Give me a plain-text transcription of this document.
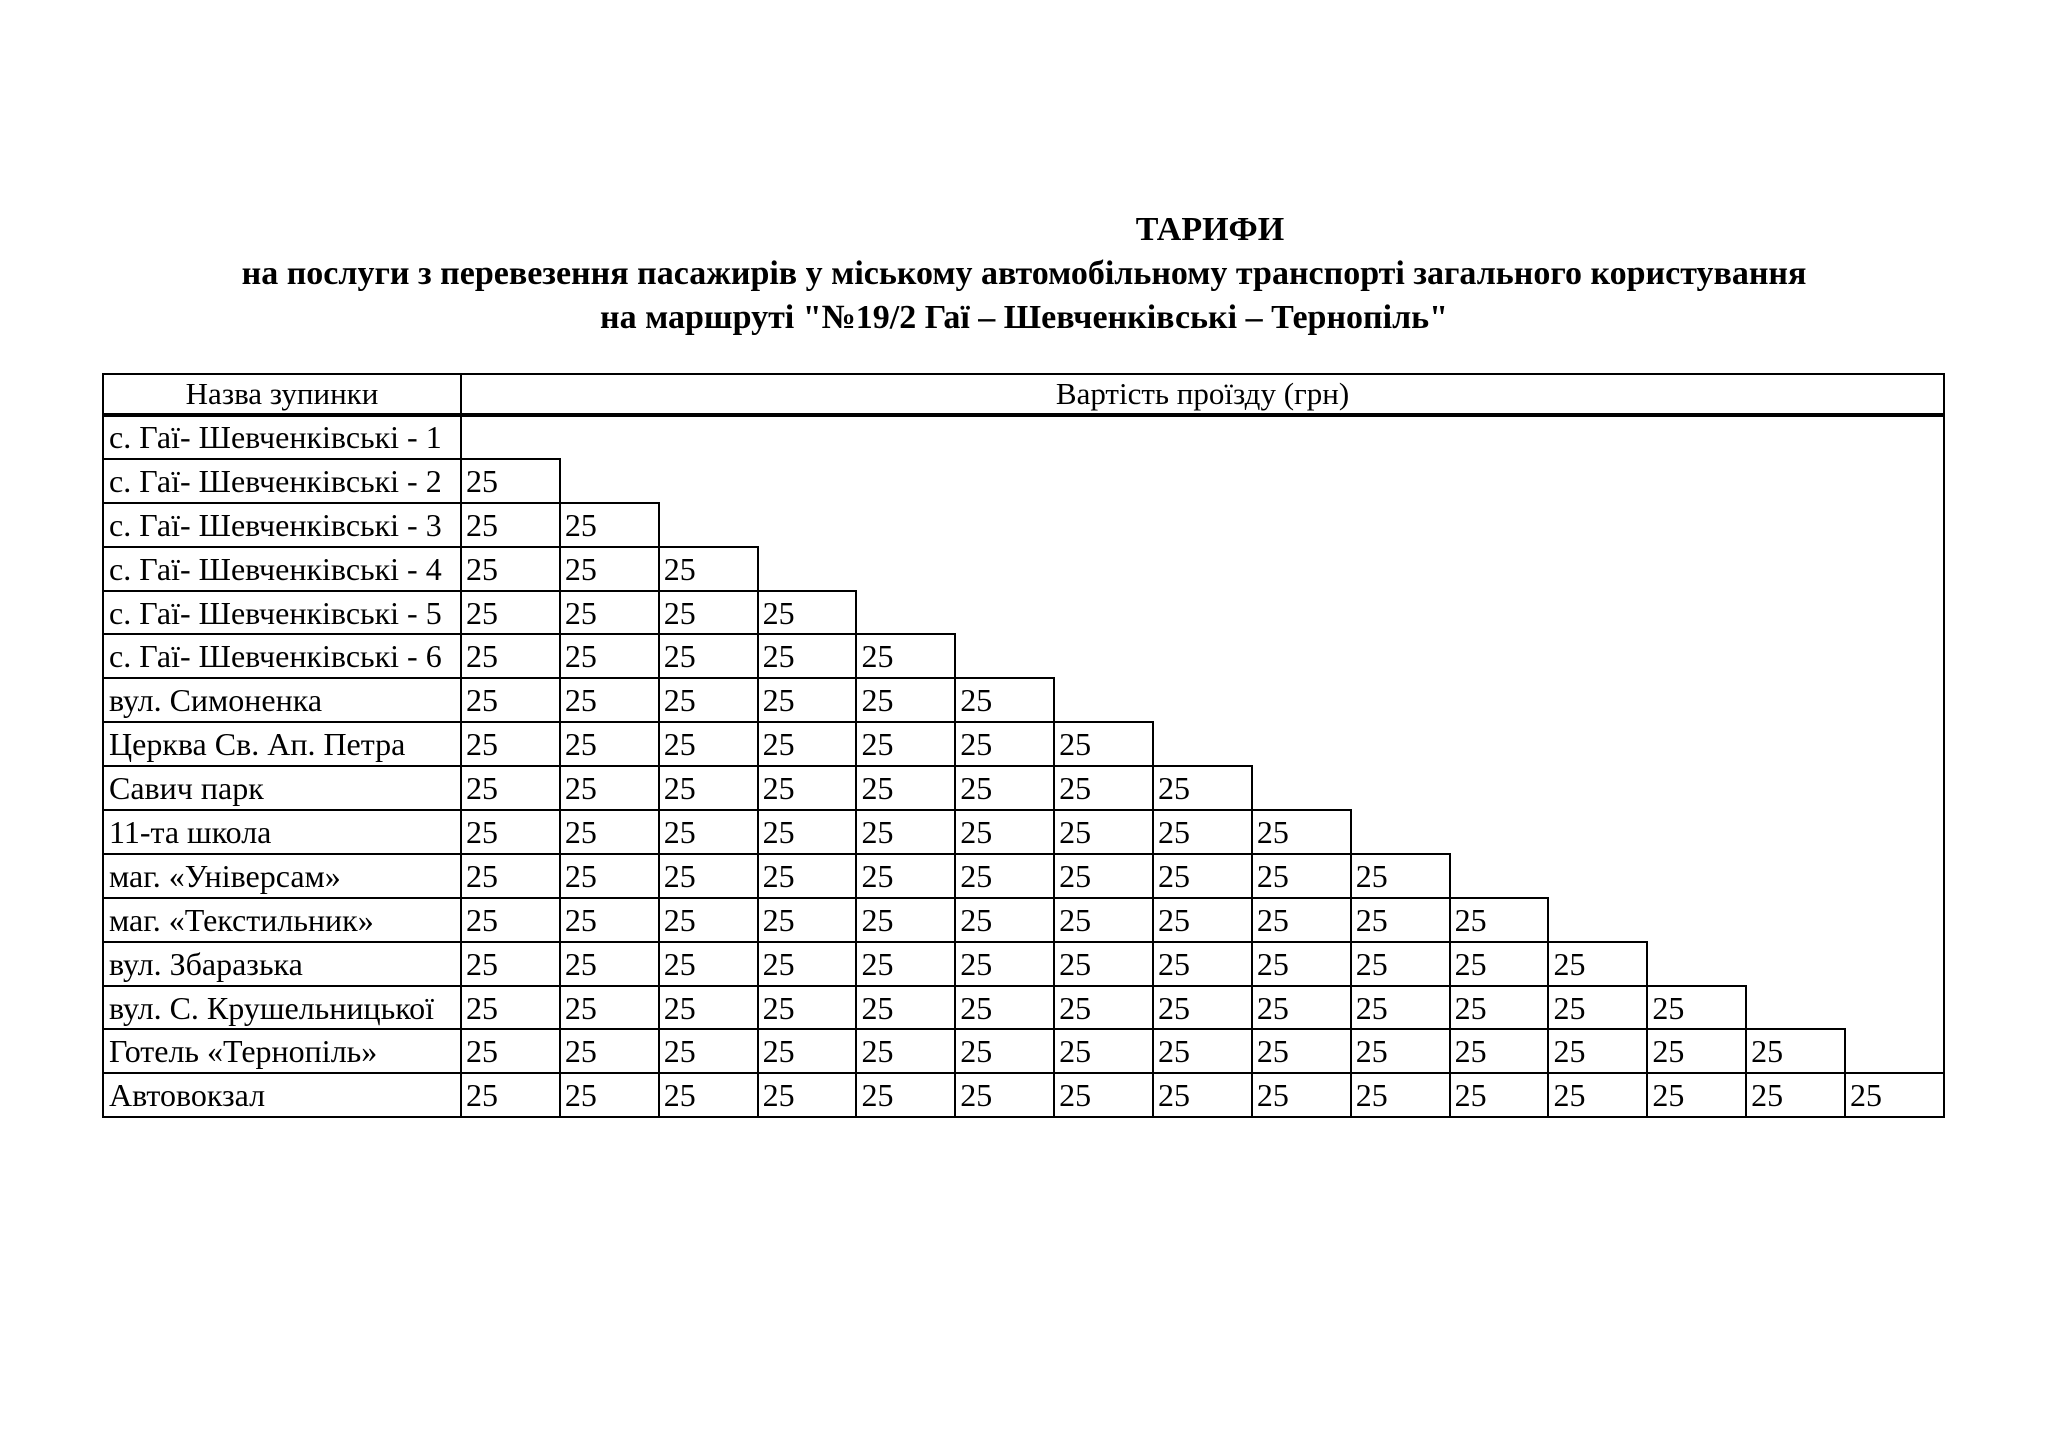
ТАРИФИ
на послуги з перевезення пасажирів у міському автомобільному транспорті загального користування
на маршруті "№19/2 Гаї – Шевченківські – Тернопіль"
Назва зупинки	Вартість проїзду (грн)														
с. Гаї- Шевченківські - 1															
с. Гаї- Шевченківські - 2	25														
с. Гаї- Шевченківські - 3	25	25													
с. Гаї- Шевченківські - 4	25	25	25												
с. Гаї- Шевченківські - 5	25	25	25	25											
с. Гаї- Шевченківські - 6	25	25	25	25	25										
вул. Симоненка	25	25	25	25	25	25									
Церква Св. Ап. Петра	25	25	25	25	25	25	25								
Савич парк	25	25	25	25	25	25	25	25							
11-та школа	25	25	25	25	25	25	25	25	25						
маг. «Універсам»	25	25	25	25	25	25	25	25	25	25					
маг. «Текстильник»	25	25	25	25	25	25	25	25	25	25	25				
вул. Збаразька	25	25	25	25	25	25	25	25	25	25	25	25			
вул. С. Крушельницької	25	25	25	25	25	25	25	25	25	25	25	25	25		
Готель «Тернопіль»	25	25	25	25	25	25	25	25	25	25	25	25	25	25	
Автовокзал	25	25	25	25	25	25	25	25	25	25	25	25	25	25	25
